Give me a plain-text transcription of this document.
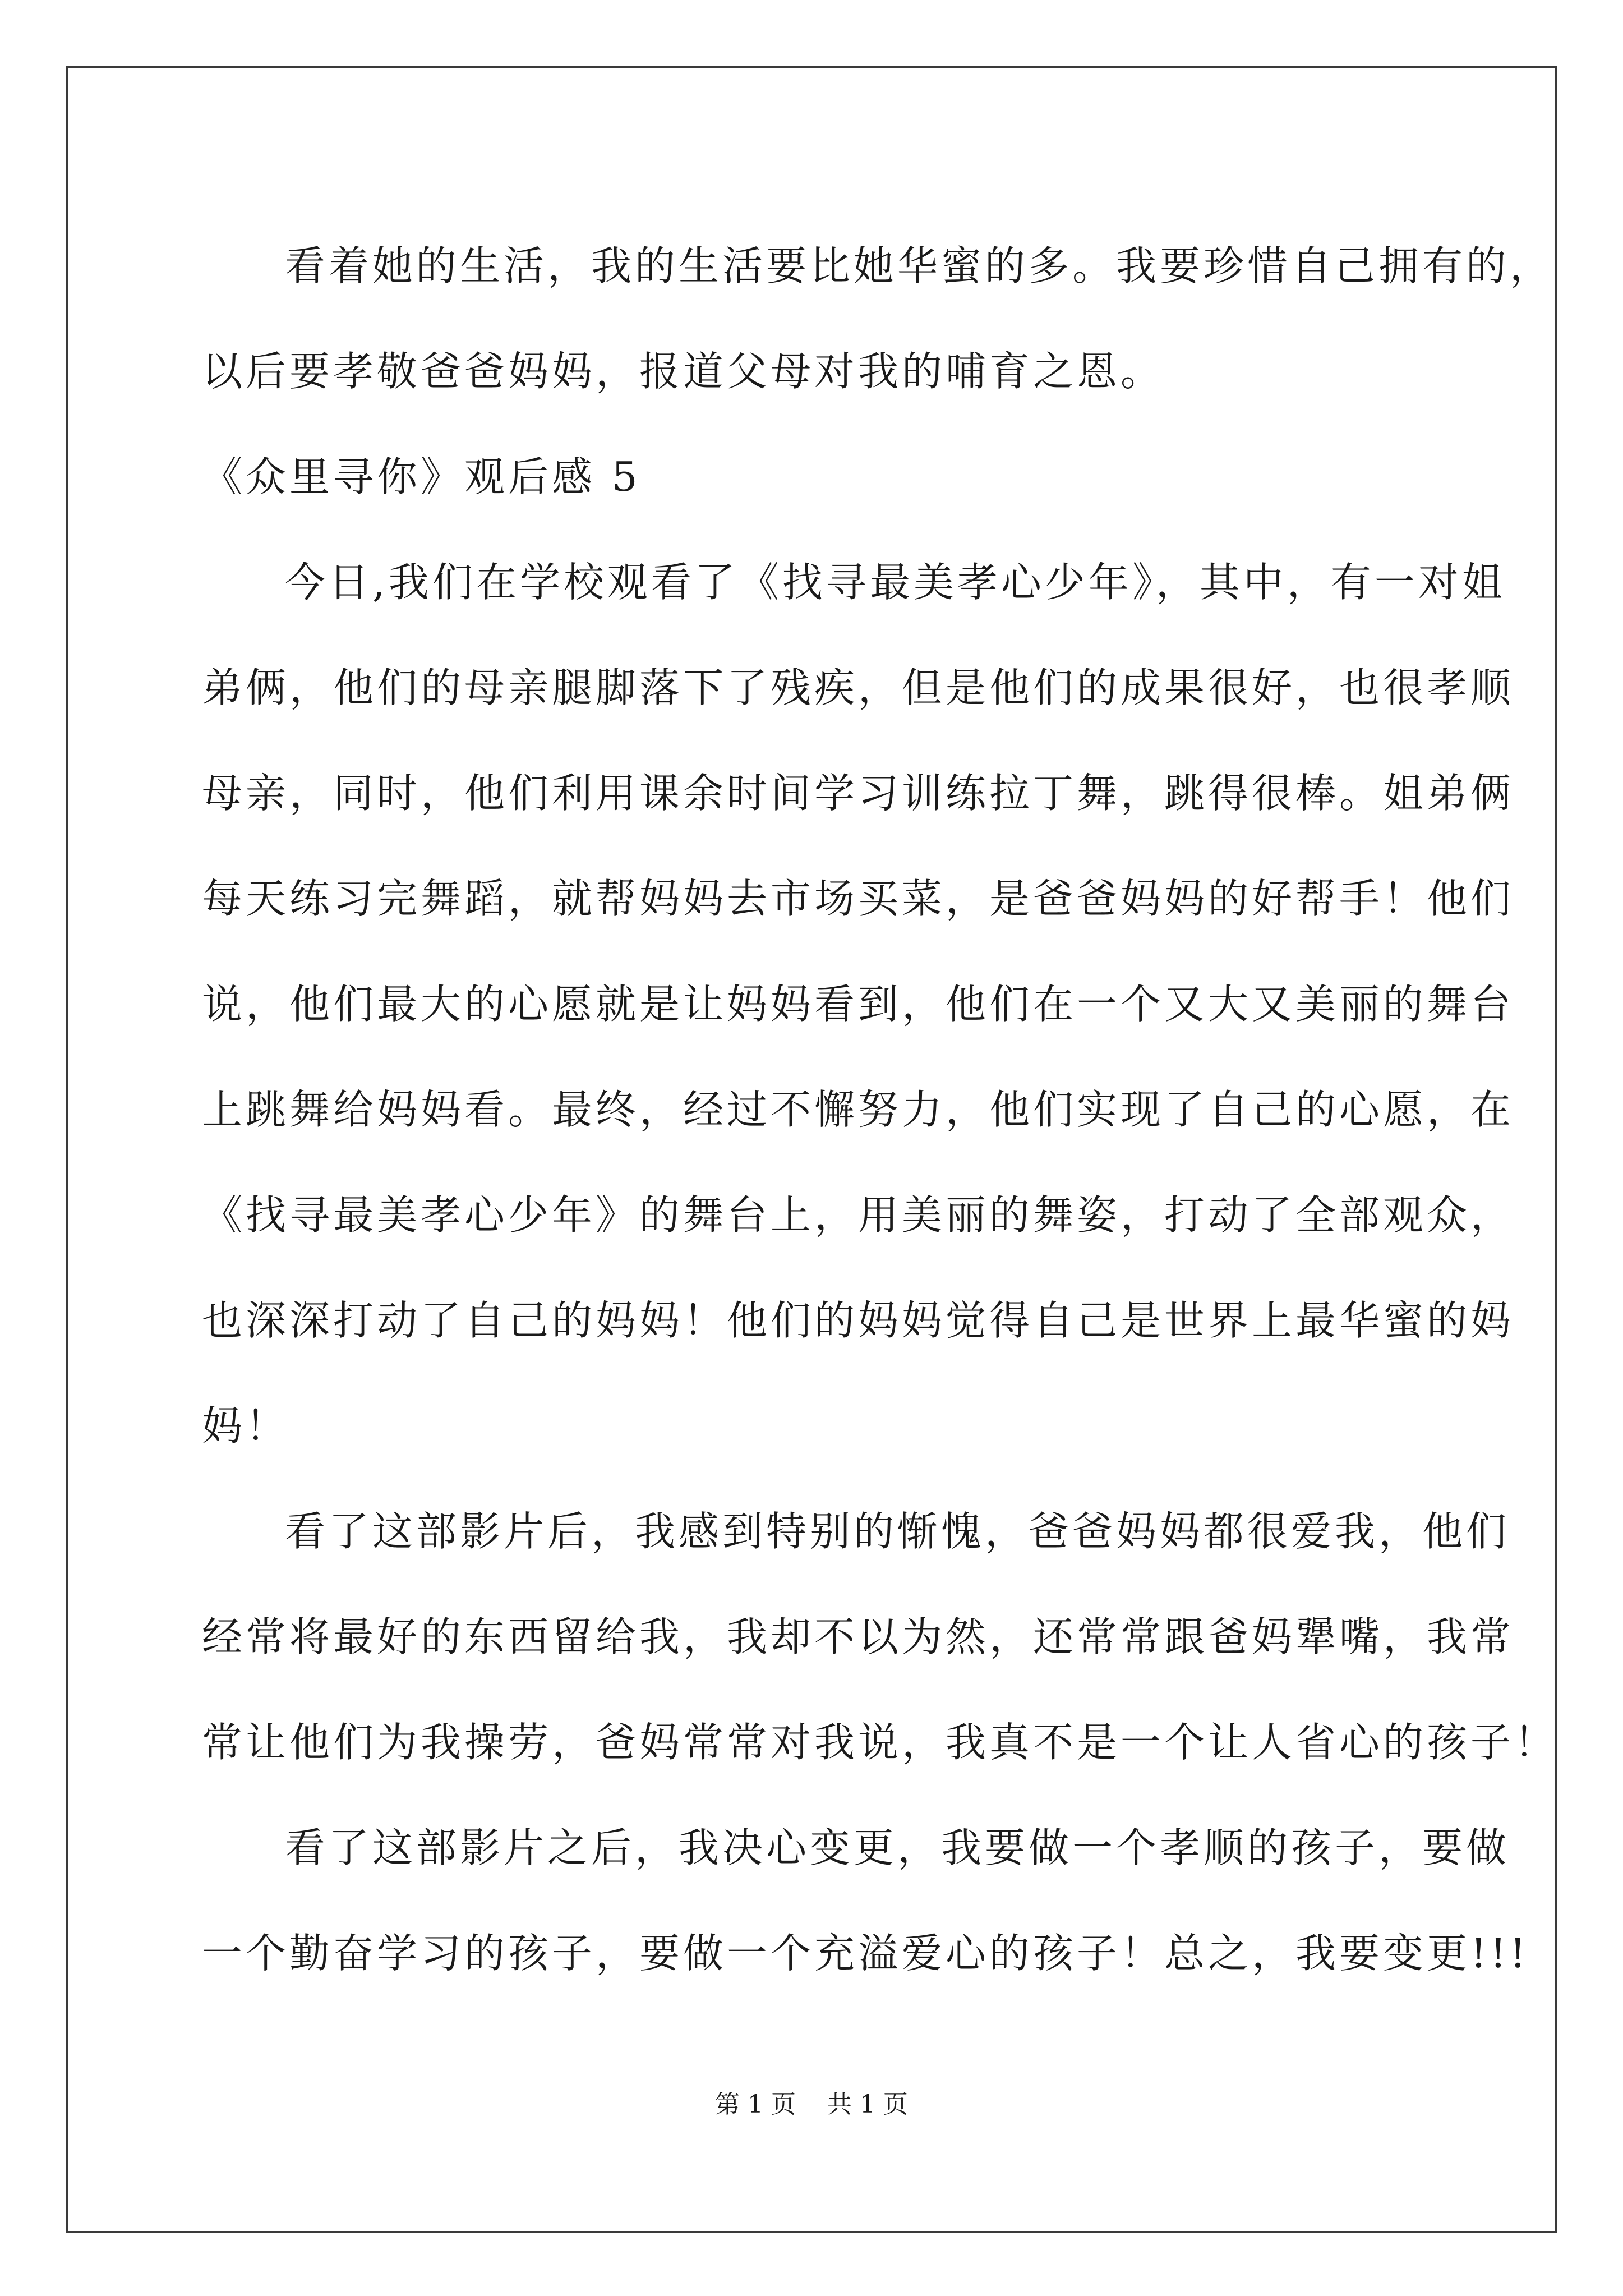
看着她的生活，我的生活要比她华蜜的多。我要珍惜自己拥有的，
以后要孝敬爸爸妈妈，报道父母对我的哺育之恩。
《众里寻你》观后感 5
今日,我们在学校观看了《找寻最美孝心少年》，其中，有一对姐
弟俩，他们的母亲腿脚落下了残疾，但是他们的成果很好，也很孝顺
母亲，同时，他们利用课余时间学习训练拉丁舞，跳得很棒。姐弟俩
每天练习完舞蹈，就帮妈妈去市场买菜，是爸爸妈妈的好帮手！他们
说，他们最大的心愿就是让妈妈看到，他们在一个又大又美丽的舞台
上跳舞给妈妈看。最终，经过不懈努力，他们实现了自己的心愿，在
《找寻最美孝心少年》的舞台上，用美丽的舞姿，打动了全部观众，
也深深打动了自己的妈妈！他们的妈妈觉得自己是世界上最华蜜的妈
妈！
看了这部影片后，我感到特别的惭愧，爸爸妈妈都很爱我，他们
经常将最好的东西留给我，我却不以为然，还常常跟爸妈犟嘴，我常
常让他们为我操劳，爸妈常常对我说，我真不是一个让人省心的孩子！
看了这部影片之后，我决心变更，我要做一个孝顺的孩子，要做
一个勤奋学习的孩子，要做一个充溢爱心的孩子！总之，我要变更!!!
第 1 页    共 1 页
